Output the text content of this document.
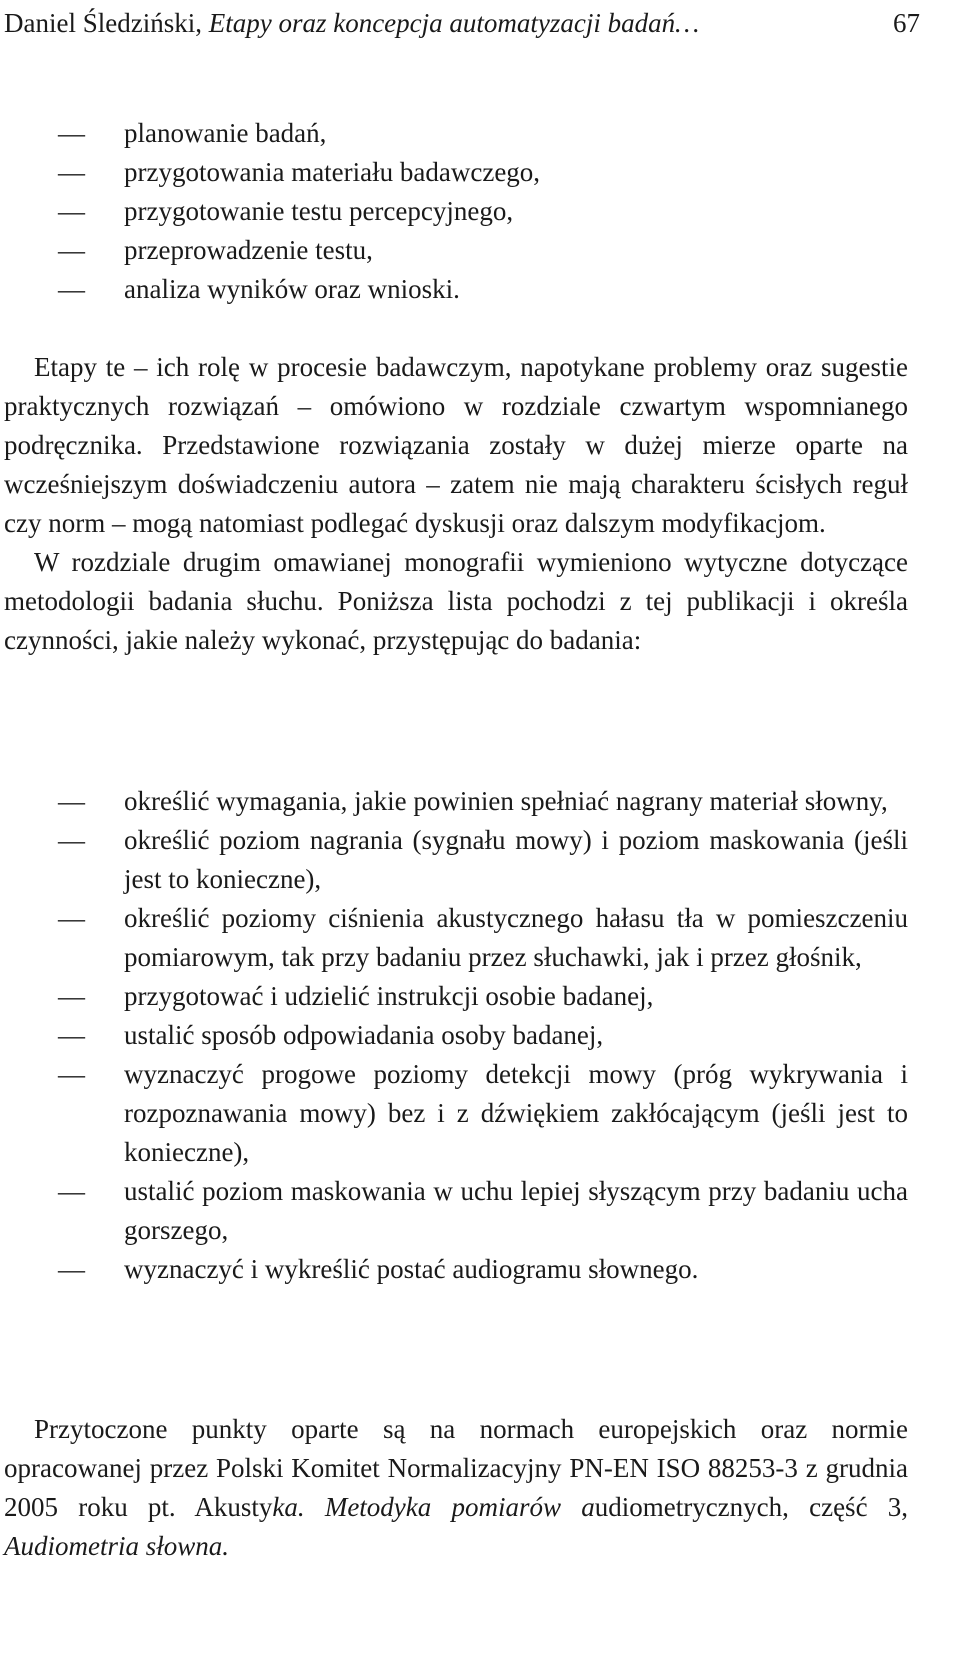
Daniel Śledziński, Etapy oraz koncepcja automatyzacji badań…	67
—	planowanie badań,
—	przygotowania materiału badawczego,
—	przygotowanie testu percepcyjnego,
—	przeprowadzenie testu,
—	analiza wyników oraz wnioski.

Etapy te – ich rolę w procesie badawczym, napotykane problemy oraz sugestie praktycznych rozwiązań – omówiono w rozdziale czwartym wspomnianego podręcznika. Przedstawione rozwiązania zostały w dużej mierze oparte na wcześniejszym doświadczeniu autora – zatem nie mają charakteru ścisłych reguł czy norm – mogą natomiast podlegać dyskusji oraz dalszym modyfikacjom.

W rozdziale drugim omawianej monografii wymieniono wytyczne dotyczące metodologii badania słuchu. Poniższa lista pochodzi z tej publikacji i określa czynności, jakie należy wykonać, przystępując do badania:

—	określić wymagania, jakie powinien spełniać nagrany materiał słowny,
—	określić poziom nagrania (sygnału mowy) i poziom maskowania (jeśli jest to konieczne),
—	określić poziomy ciśnienia akustycznego hałasu tła w pomieszczeniu pomiarowym, tak przy badaniu przez słuchawki, jak i przez głośnik,
—	przygotować i udzielić instrukcji osobie badanej,
—	ustalić sposób odpowiadania osoby badanej,
—	wyznaczyć progowe poziomy detekcji mowy (próg wykrywania i rozpoznawania mowy) bez i z dźwiękiem zakłócającym (jeśli jest to konieczne),
—	ustalić poziom maskowania w uchu lepiej słyszącym przy badaniu ucha gorszego,
—	wyznaczyć i wykreślić postać audiogramu słownego.

Przytoczone punkty oparte są na normach europejskich oraz normie opracowanej przez Polski Komitet Normalizacyjny PN-EN ISO 88253-3 z grudnia 2005 roku pt. Akustyka. Metodyka pomiarów audiometrycznych, część 3, Audiometria słowna.
